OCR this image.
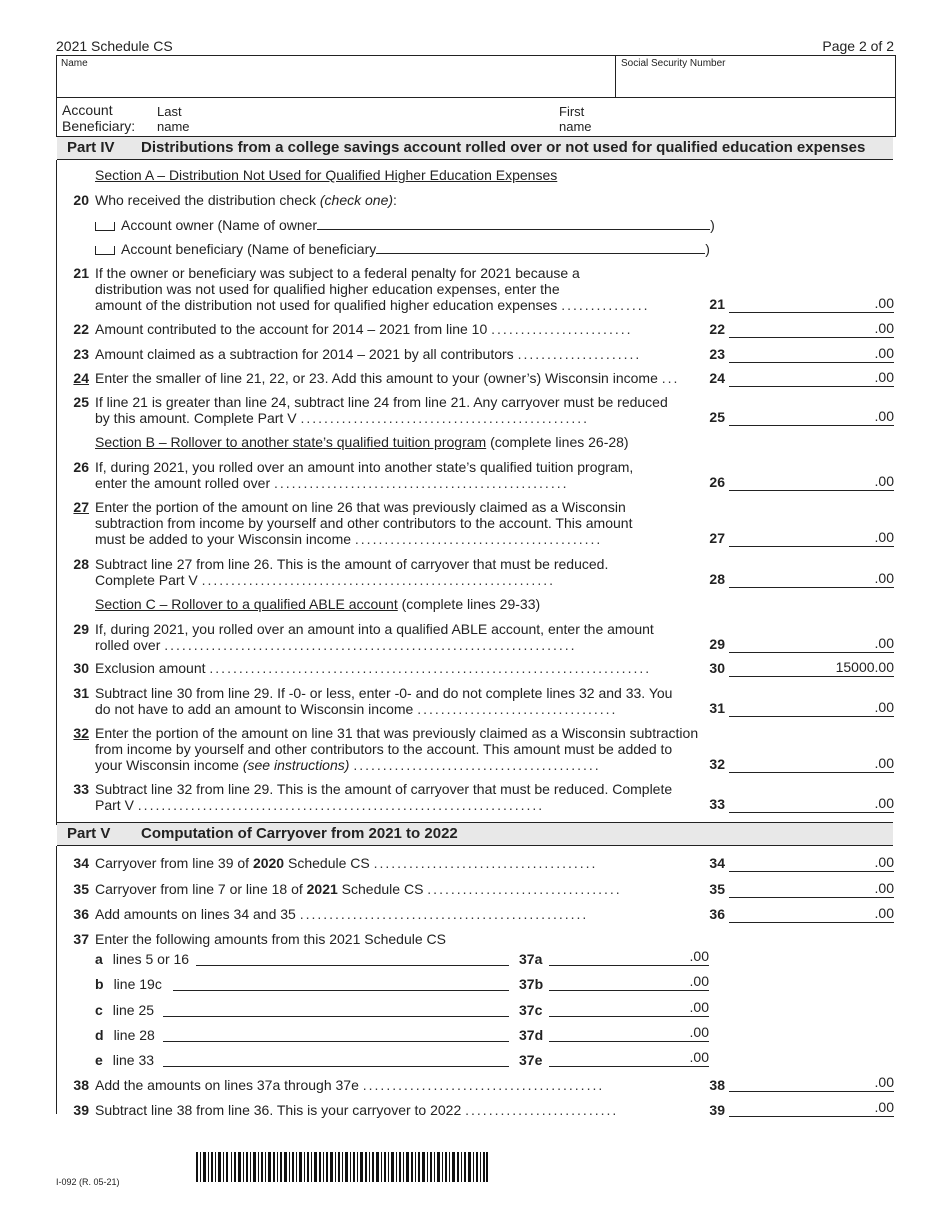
2021 Schedule CS	Page 2 of 2
Name	Social Security Number
Account
Beneficiary:
Last
name
First
name
Part IV Distributions from a college savings account rolled over or not used for qualified education expenses
Section A – Distribution Not Used for Qualified Higher Education Expenses
20 Who received the distribution check (check one):
Account owner (Name of owner	)
Account beneficiary (Name of beneficiary	)
21 If the owner or beneficiary was subject to a federal penalty for 2021 because a
distribution was not used for qualified higher education expenses, enter the
amount of the distribution not used for qualified higher education expenses ...............	21	.00
22 Amount contributed to the account for 2014 – 2021 from line 10 ........................	22	.00
23 Amount claimed as a subtraction for 2014 – 2021 by all contributors .....................	23	.00
24 Enter the smaller of line 21, 22, or 23. Add this amount to your (owner’s) Wisconsin income ...	24	.00
25 If line 21 is greater than line 24, subtract line 24 from line 21. Any carryover must be reduced
by this amount. Complete Part V .................................................	25	.00
Section B – Rollover to another state’s qualified tuition program (complete lines 26-28)
26 If, during 2021, you rolled over an amount into another state’s qualified tuition program,
enter the amount rolled over ..................................................	26	.00
27 Enter the portion of the amount on line 26 that was previously claimed as a Wisconsin
subtraction from income by yourself and other contributors to the account. This amount
must be added to your Wisconsin income ..........................................	27	.00
28 Subtract line 27 from line 26. This is the amount of carryover that must be reduced.
Complete Part V ............................................................	28	.00
Section C – Rollover to a qualified ABLE account (complete lines 29-33)
29 If, during 2021, you rolled over an amount into a qualified ABLE account, enter the amount
rolled over ......................................................................	29	.00
30 Exclusion amount ...........................................................................	30	15000.00
31 Subtract line 30 from line 29. If -0- or less, enter -0- and do not complete lines 32 and 33. You
do not have to add an amount to Wisconsin income ..................................	31	.00
32 Enter the portion of the amount on line 31 that was previously claimed as a Wisconsin subtraction
from income by yourself and other contributors to the account. This amount must be added to
your Wisconsin income (see instructions) ..........................................	32	.00
33 Subtract line 32 from line 29. This is the amount of carryover that must be reduced. Complete
Part V .....................................................................	33	.00
Part V Computation of Carryover from 2021 to 2022
34 Carryover from line 39 of 2020 Schedule CS ......................................	34	.00
35 Carryover from line 7 or line 18 of 2021 Schedule CS .................................	35	.00
36 Add amounts on lines 34 and 35 .................................................	36	.00
37 Enter the following amounts from this 2021 Schedule CS
a lines 5 or 16	37a	.00
b line 19c	37b	.00
c line 25	37c	.00
d line 28	37d	.00
e line 33	37e	.00
38 Add the amounts on lines 37a through 37e .........................................	38	.00
39 Subtract line 38 from line 36. This is your carryover to 2022 ..........................	39	.00
I-092 (R. 05-21)
